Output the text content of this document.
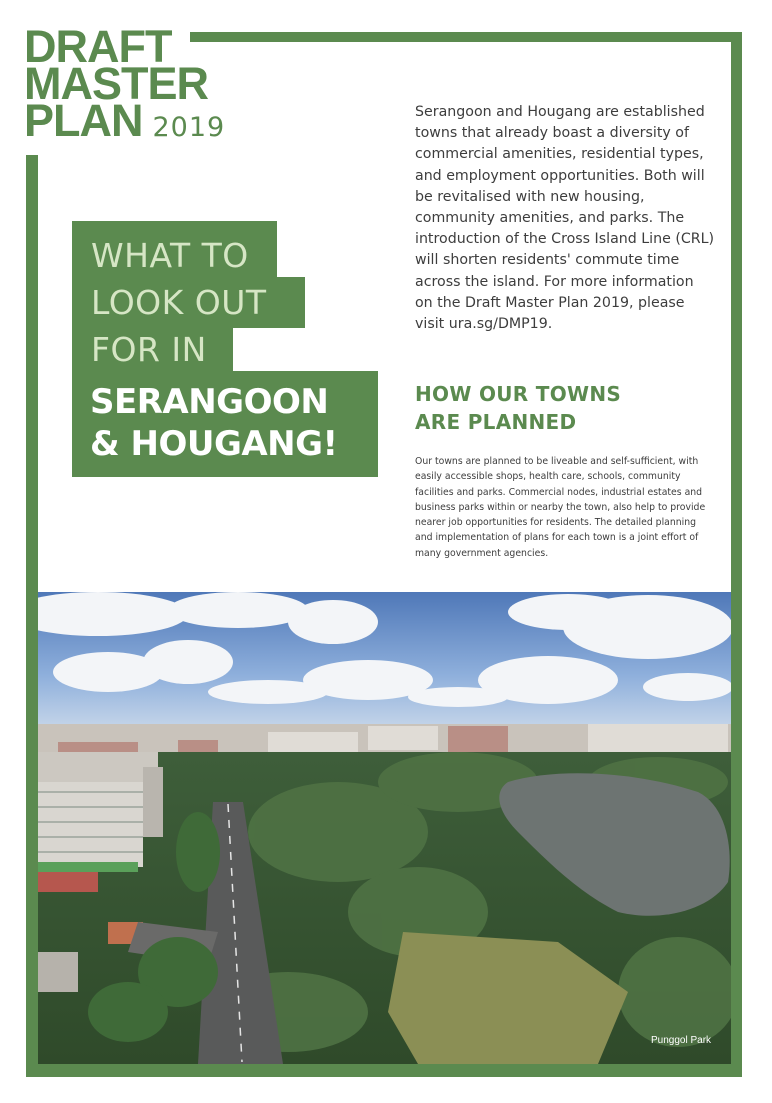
DRAFT
MASTER
PLAN 2019
WHAT TO
LOOK OUT
FOR IN
SERANGOON
& HOUGANG!

Serangoon and Hougang are established towns that already boast a diversity of commercial amenities, residential types, and employment opportunities. Both will be revitalised with new housing, community amenities, and parks. The introduction of the Cross Island Line (CRL) will shorten residents' commute time across the island. For more information on the Draft Master Plan 2019, please visit ura.sg/DMP19.

HOW OUR TOWNS
ARE PLANNED

Our towns are planned to be liveable and self-sufficient, with easily accessible shops, health care, schools, community facilities and parks. Commercial nodes, industrial estates and business parks within or nearby the town, also help to provide nearer job opportunities for residents. The detailed planning and implementation of plans for each town is a joint effort of many government agencies.

Punggol Park
